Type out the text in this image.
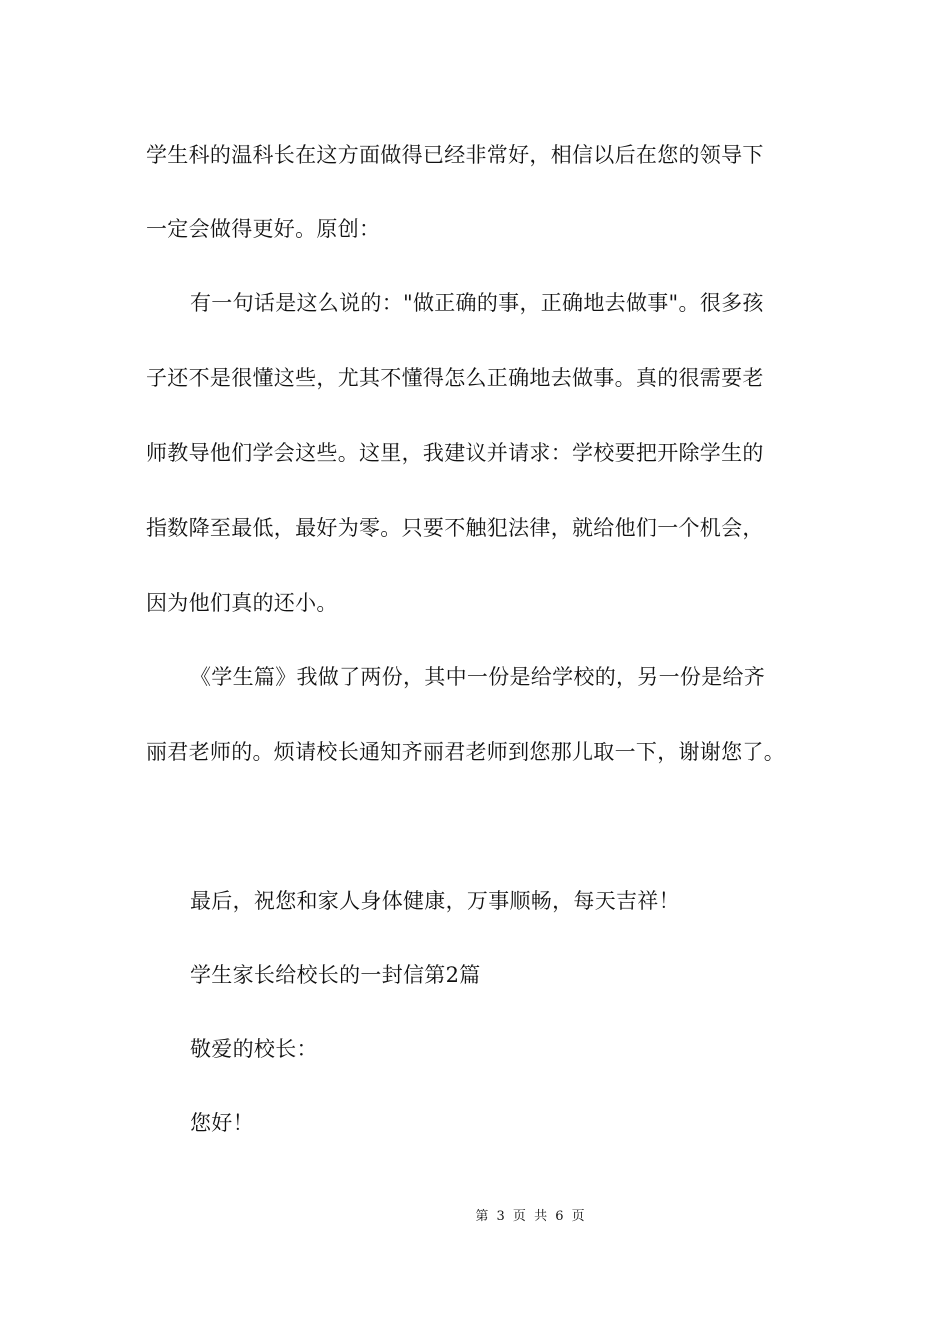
学生科的温科长在这方面做得已经非常好，相信以后在您的领导下
一定会做得更好。原创：
有一句话是这么说的："做正确的事，正确地去做事"。很多孩
子还不是很懂这些，尤其不懂得怎么正确地去做事。真的很需要老
师教导他们学会这些。这里，我建议并请求：学校要把开除学生的
指数降至最低，最好为零。只要不触犯法律，就给他们一个机会，
因为他们真的还小。
《学生篇》我做了两份，其中一份是给学校的，另一份是给齐
丽君老师的。烦请校长通知齐丽君老师到您那儿取一下，谢谢您了。
最后，祝您和家人身体健康，万事顺畅，每天吉祥！
学生家长给校长的一封信第2篇
敬爱的校长：
您好！
第 3 页 共 6 页
